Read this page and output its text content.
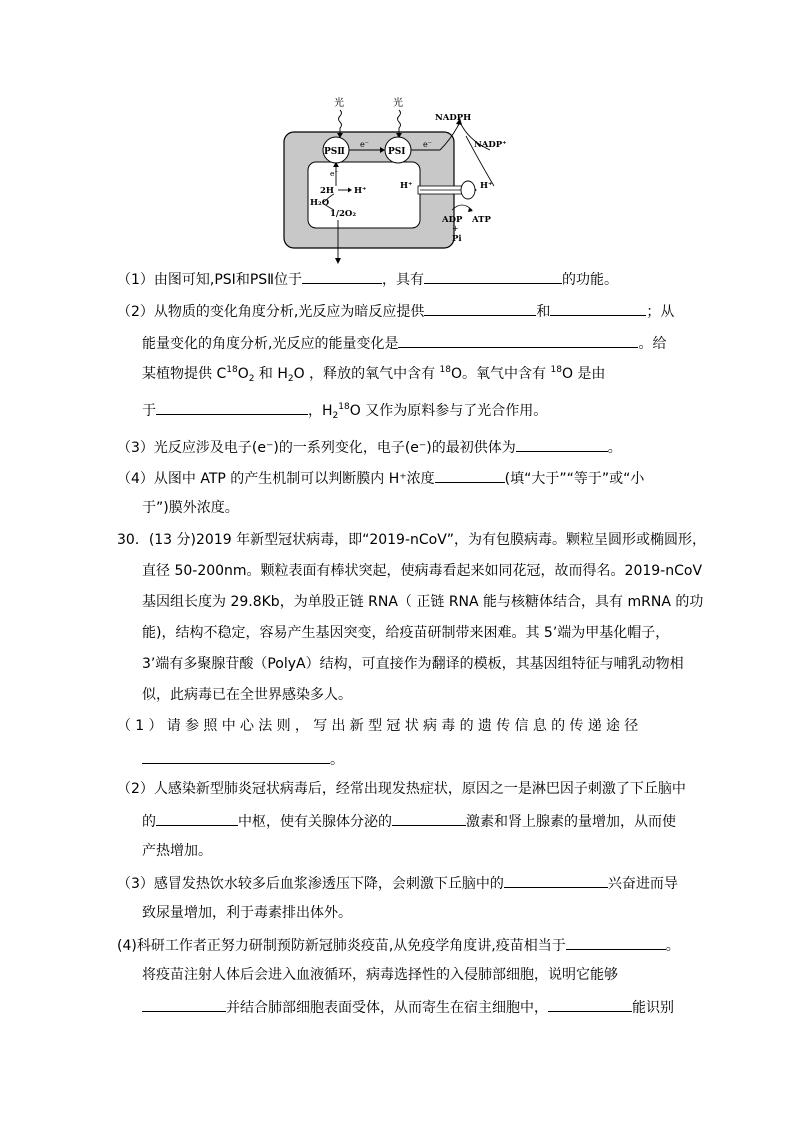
光	光
PSⅡ	PSⅠ
e⁻	e⁻
NADPH
NADP⁺
e⁻
2H H⁺
H₂O
1/2O₂
H⁺	H⁺
ADP
+
Pi
ATP
（1）由图可知,PSⅠ和PSⅡ位于	，具有	的功能。
（2）从物质的变化角度分析,光反应为暗反应提供	和	；从
能量变化的角度分析,光反应的能量变化是	。给
某植物提供 $C^{18}O_2$ 和 $H_2O$ ，释放的氧气中含有 $^{18}$O。氧气中含有 $^{18}$O 是由
于	，$H_2^{18}O$ 又作为原料参与了光合作用。
（3）光反应涉及电子(e⁻)的一系列变化，电子(e⁻)的最初供体为	。
（4）从图中 ATP 的产生机制可以判断膜内 H⁺浓度	(填“大于”“等于”或“小
于”)膜外浓度。
30．(13 分)2019 年新型冠状病毒，即“2019-nCoV”，为有包膜病毒。颗粒呈圆形或椭圆形，
直径 50-200nm。颗粒表面有棒状突起，使病毒看起来如同花冠，故而得名。2019-nCoV
基因组长度为 29.8Kb，为单股正链 RNA（ 正链 RNA 能与核糖体结合，具有 mRNA 的功
能)，结构不稳定，容易产生基因突变，给疫苗研制带来困难。其 5’端为甲基化帽子，
3’端有多聚腺苷酸（PolyA）结构，可直接作为翻译的模板，其基因组特征与哺乳动物相
似，此病毒已在全世界感染多人。
（1）请参照中心法则，写出新型冠状病毒的遗传信息的传递途径
。
（2）人感染新型肺炎冠状病毒后，经常出现发热症状，原因之一是淋巴因子刺激了下丘脑中
的	中枢，使有关腺体分泌的	激素和肾上腺素的量增加，从而使
产热增加。
（3）感冒发热饮水较多后血浆渗透压下降，会刺激下丘脑中的	兴奋进而导
致尿量增加，利于毒素排出体外。
(4)科研工作者正努力研制预防新冠肺炎疫苗,从免疫学角度讲,疫苗相当于	。
将疫苗注射人体后会进入血液循环，病毒选择性的入侵肺部细胞，说明它能够
并结合肺部细胞表面受体，从而寄生在宿主细胞中，	能识别
